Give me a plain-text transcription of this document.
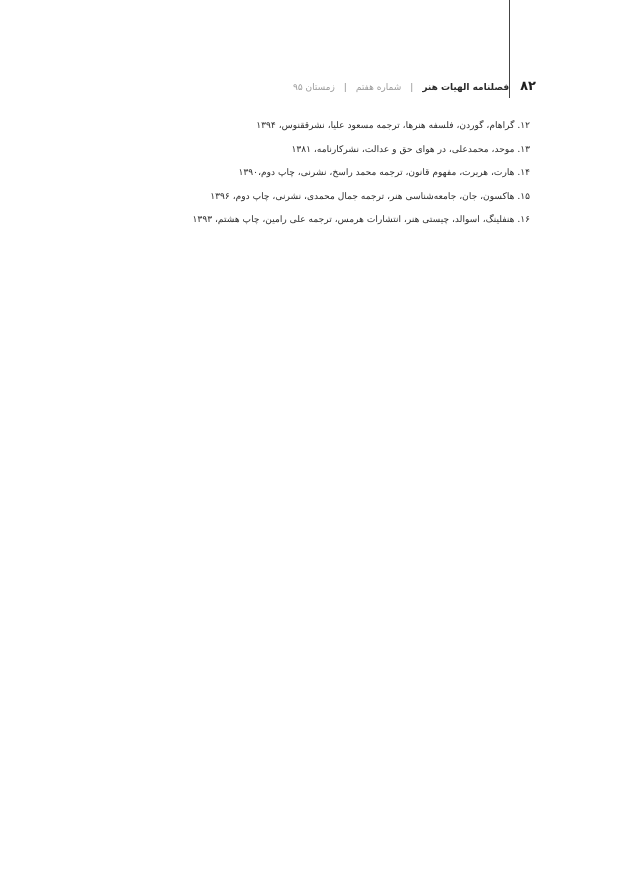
۸۲
فصلنامه الهیات هنر
|
شماره هفتم
|
زمستان ۹۵
۱۲. گراهام، گوردن، فلسفه هنرها، ترجمه مسعود علیا، نشرققنوس، ۱۳۹۴
۱۳. موحد، محمدعلی، در هوای حق و عدالت، نشرکارنامه، ۱۳۸۱
۱۴. هارت، هربرت، مفهوم قانون، ترجمه محمد راسخ، نشرنی، چاپ دوم،۱۳۹۰
۱۵. هاکسون، جان، جامعه‌شناسی هنر، ترجمه جمال محمدی، نشرنی، چاپ دوم، ۱۳۹۶
۱۶. هنفلینگ، اسوالد، چیستی هنر، انتشارات هرمس، ترجمه علی رامین، چاپ هشتم، ۱۳۹۳
